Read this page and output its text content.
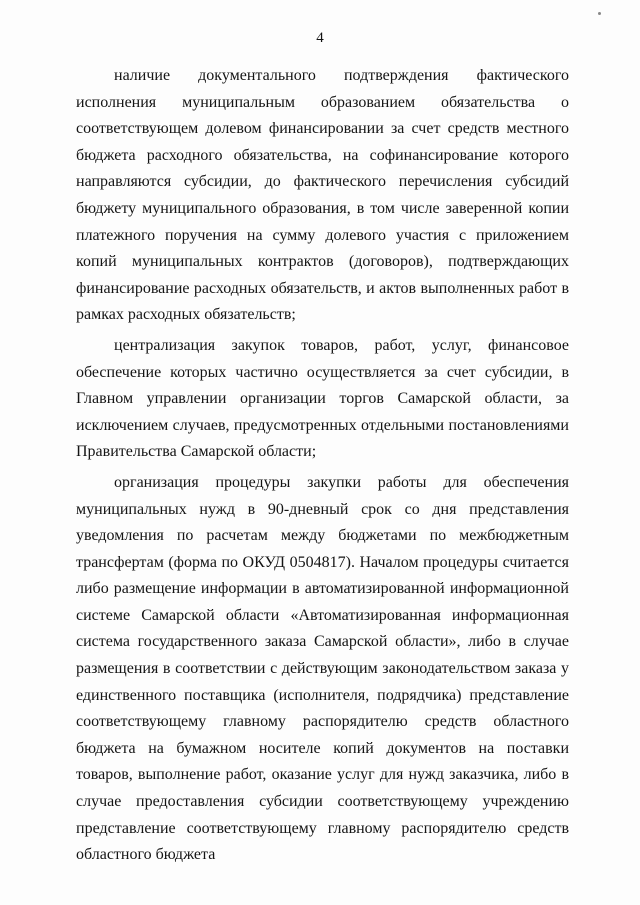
4

наличие документального подтверждения фактического исполнения муниципальным образованием обязательства о соответствующем долевом финансировании за счет средств местного бюджета расходного обязательства, на софинансирование которого направляются субсидии, до фактического перечисления субсидий бюджету муниципального образования, в том числе заверенной копии платежного поручения на сумму долевого участия с приложением копий муниципальных контрактов (договоров), подтверждающих финансирование расходных обязательств, и актов выполненных работ в рамках расходных обязательств;

централизация закупок товаров, работ, услуг, финансовое обеспечение которых частично осуществляется за счет субсидии, в Главном управлении организации торгов Самарской области, за исключением случаев, предусмотренных отдельными постановлениями Правительства Самарской области;

организация процедуры закупки работы для обеспечения муниципальных нужд в 90-дневный срок со дня представления уведомления по расчетам между бюджетами по межбюджетным трансфертам (форма по ОКУД 0504817). Началом процедуры считается либо размещение информации в автоматизированной информационной системе Самарской области «Автоматизированная информационная система государственного заказа Самарской области», либо в случае размещения в соответствии с действующим законодательством заказа у единственного поставщика (исполнителя, подрядчика) представление соответствующему главному распорядителю средств областного бюджета на бумажном носителе копий документов на поставки товаров, выполнение работ, оказание услуг для нужд заказчика, либо в случае предоставления субсидии соответствующему учреждению представление соответствующему главному распорядителю средств областного бюджета
